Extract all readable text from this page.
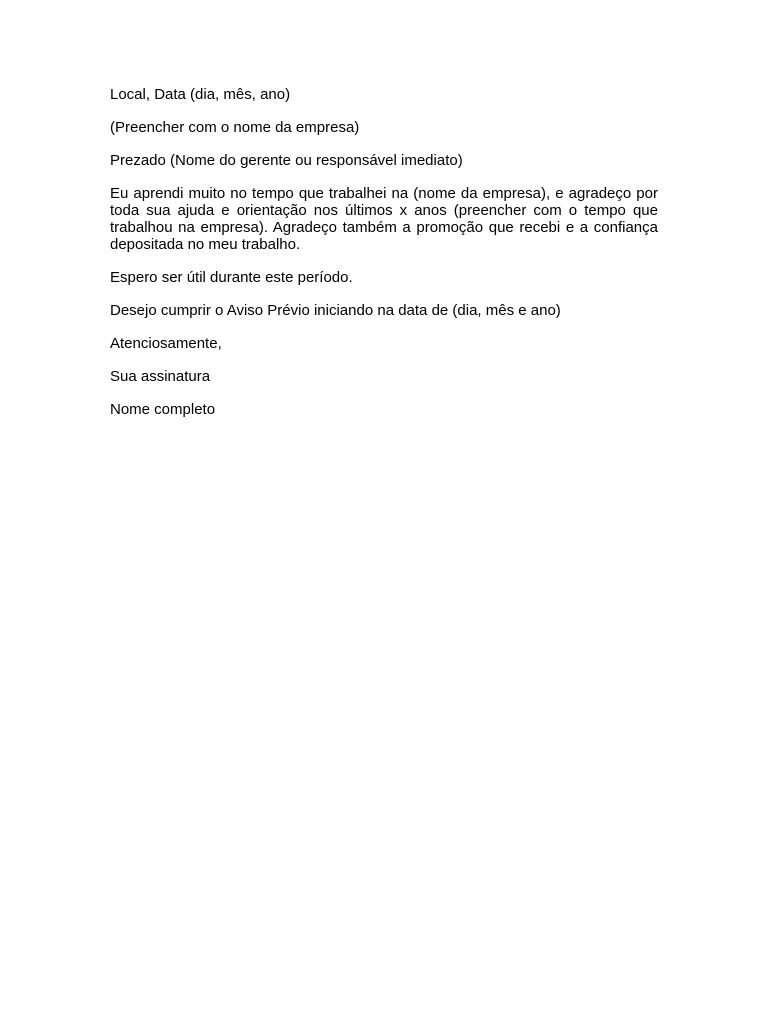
Local, Data (dia, mês, ano)

(Preencher com o nome da empresa)

Prezado (Nome do gerente ou responsável imediato)

Eu aprendi muito no tempo que trabalhei na (nome da empresa), e agradeço por toda sua ajuda e orientação nos últimos x anos (preencher com o tempo que trabalhou na empresa). Agradeço também a promoção que recebi e a confiança depositada no meu trabalho.

Espero ser útil durante este período.

Desejo cumprir o Aviso Prévio iniciando na data de (dia, mês e ano)

Atenciosamente,

Sua assinatura

Nome completo
